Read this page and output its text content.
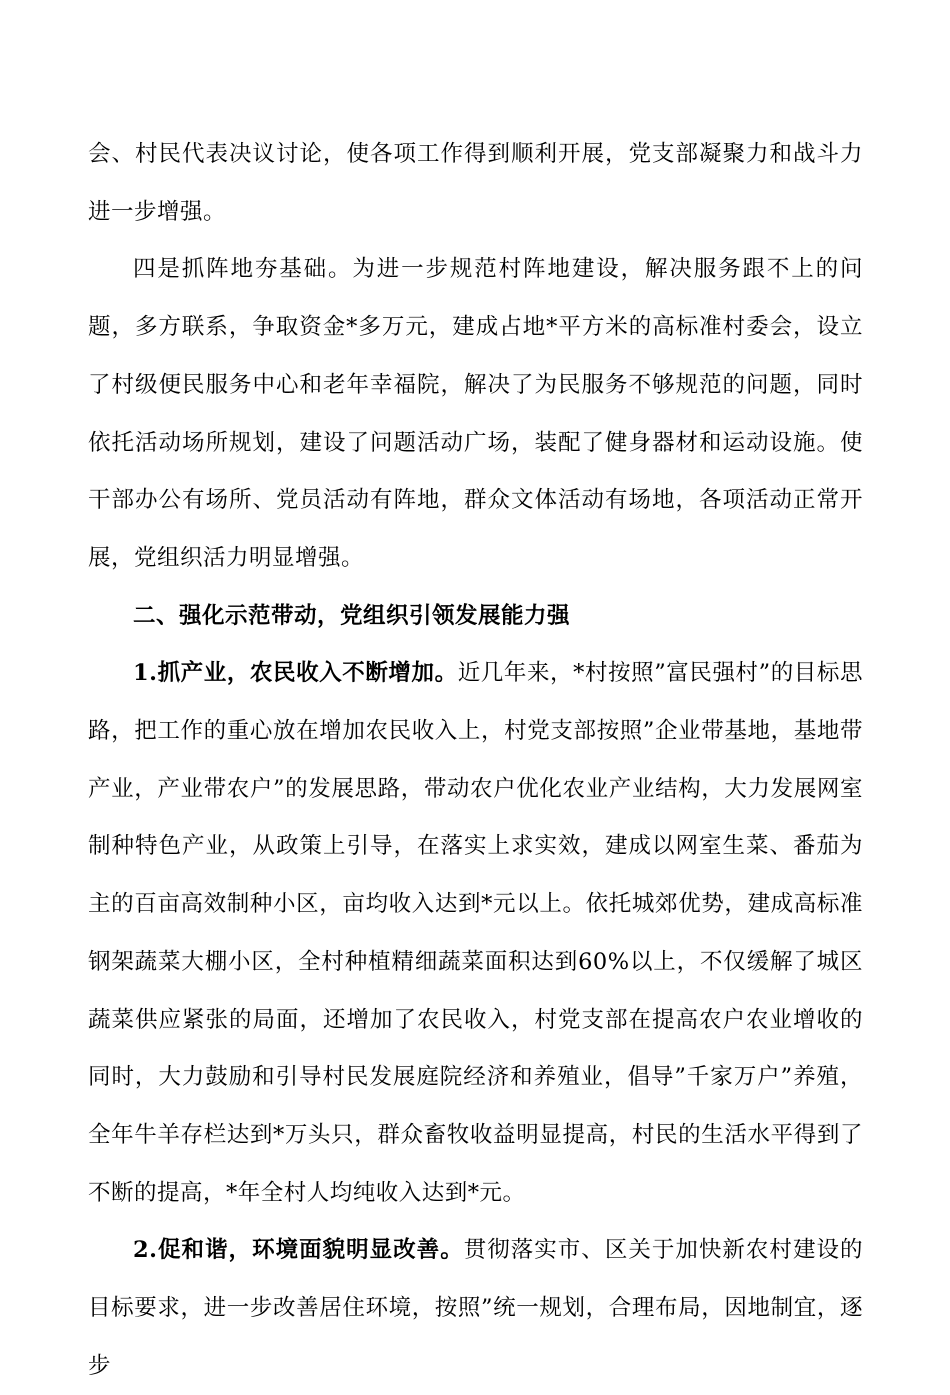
会、村民代表决议讨论，使各项工作得到顺利开展，党支部凝聚力和战斗力进一步增强。

四是抓阵地夯基础。为进一步规范村阵地建设，解决服务跟不上的问题，多方联系，争取资金*多万元，建成占地*平方米的高标准村委会，设立了村级便民服务中心和老年幸福院，解决了为民服务不够规范的问题，同时依托活动场所规划，建设了问题活动广场，装配了健身器材和运动设施。使干部办公有场所、党员活动有阵地，群众文体活动有场地，各项活动正常开展，党组织活力明显增强。

二、强化示范带动，党组织引领发展能力强

1.抓产业，农民收入不断增加。近几年来，*村按照”富民强村”的目标思路，把工作的重心放在增加农民收入上，村党支部按照”企业带基地，基地带产业，产业带农户”的发展思路，带动农户优化农业产业结构，大力发展网室制种特色产业，从政策上引导，在落实上求实效，建成以网室生菜、番茄为主的百亩高效制种小区，亩均收入达到*元以上。依托城郊优势，建成高标准钢架蔬菜大棚小区，全村种植精细蔬菜面积达到60%以上，不仅缓解了城区蔬菜供应紧张的局面，还增加了农民收入，村党支部在提高农户农业增收的同时，大力鼓励和引导村民发展庭院经济和养殖业，倡导”千家万户”养殖，全年牛羊存栏达到*万头只，群众畜牧收益明显提高，村民的生活水平得到了不断的提高，*年全村人均纯收入达到*元。

2.促和谐，环境面貌明显改善。贯彻落实市、区关于加快新农村建设的目标要求，进一步改善居住环境，按照”统一规划，合理布局，因地制宜，逐步
